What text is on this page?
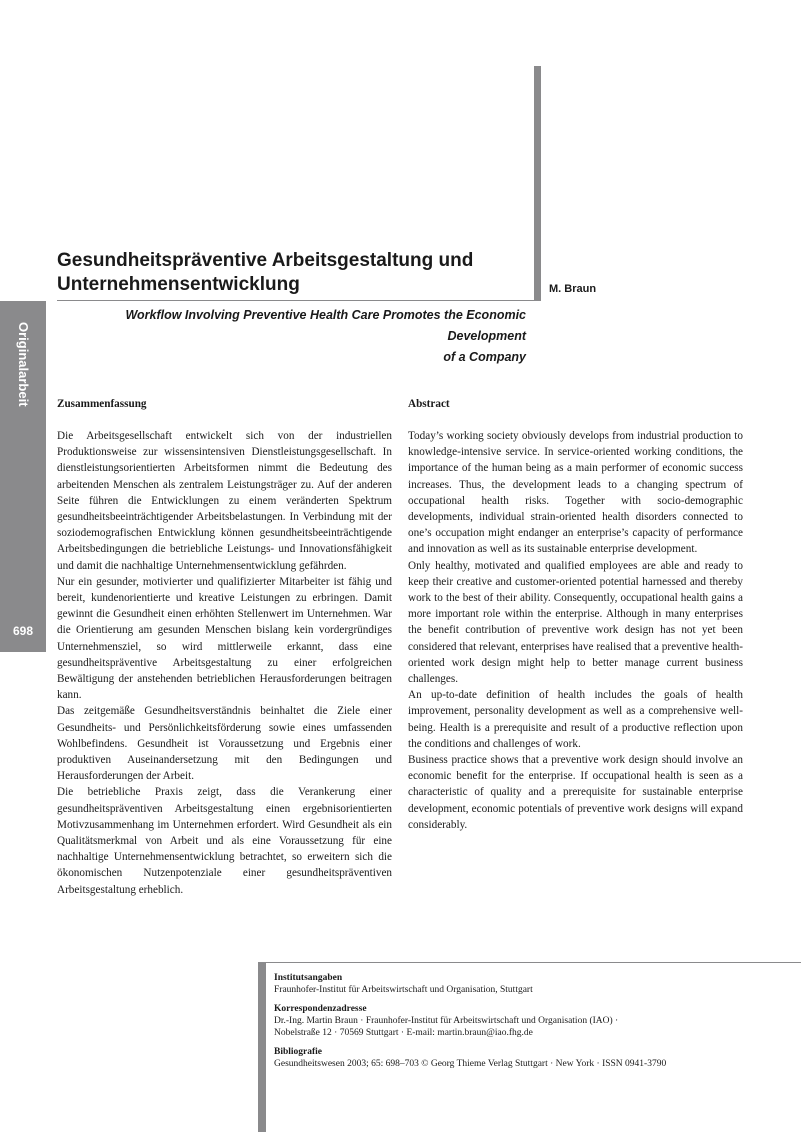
Gesundheitspräventive Arbeitsgestaltung und
Unternehmensentwicklung	M. Braun

Workflow Involving Preventive Health Care Promotes the Economic Development
of a Company

Originalarbeit
698
Zusammenfassung

Die Arbeitsgesellschaft entwickelt sich von der industriellen Produktionsweise zur wissensintensiven Dienstleistungsgesellschaft. In dienstleistungsorientierten Arbeitsformen nimmt die Bedeutung des arbeitenden Menschen als zentralem Leistungsträger zu. Auf der anderen Seite führen die Entwicklungen zu einem veränderten Spektrum gesundheitsbeeinträchtigender Arbeitsbelastungen. In Verbindung mit der soziodemografischen Entwicklung können gesundheitsbeeinträchtigende Arbeitsbedingungen die betriebliche Leistungs- und Innovationsfähigkeit und damit die nachhaltige Unternehmensentwicklung gefährden.

Nur ein gesunder, motivierter und qualifizierter Mitarbeiter ist fähig und bereit, kundenorientierte und kreative Leistungen zu erbringen. Damit gewinnt die Gesundheit einen erhöhten Stellenwert im Unternehmen. War die Orientierung am gesunden Menschen bislang kein vordergründiges Unternehmensziel, so wird mittlerweile erkannt, dass eine gesundheitspräventive Arbeitsgestaltung zu einer erfolgreichen Bewältigung der anstehenden betrieblichen Herausforderungen beitragen kann.

Das zeitgemäße Gesundheitsverständnis beinhaltet die Ziele einer Gesundheits- und Persönlichkeitsförderung sowie eines umfassenden Wohlbefindens. Gesundheit ist Voraussetzung und Ergebnis einer produktiven Auseinandersetzung mit den Bedingungen und Herausforderungen der Arbeit.

Die betriebliche Praxis zeigt, dass die Verankerung einer gesundheitspräventiven Arbeitsgestaltung einen ergebnisorientierten Motivzusammenhang im Unternehmen erfordert. Wird Gesundheit als ein Qualitätsmerkmal von Arbeit und als eine Voraussetzung für eine nachhaltige Unternehmensentwicklung betrachtet, so erweitern sich die ökonomischen Nutzenpotenziale einer gesundheitspräventiven Arbeitsgestaltung erheblich.

Abstract

Today’s working society obviously develops from industrial production to knowledge-intensive service. In service-oriented working conditions, the importance of the human being as a main performer of economic success increases. Thus, the development leads to a changing spectrum of occupational health risks. Together with socio-demographic developments, individual strain-oriented health disorders connected to one’s occupation might endanger an enterprise’s capacity of performance and innovation as well as its sustainable enterprise development.

Only healthy, motivated and qualified employees are able and ready to keep their creative and customer-oriented potential harnessed and thereby work to the best of their ability. Consequently, occupational health gains a more important role within the enterprise. Although in many enterprises the benefit contribution of preventive work design has not yet been considered that relevant, enterprises have realised that a preventive health-oriented work design might help to better manage current business challenges.

An up-to-date definition of health includes the goals of health improvement, personality development as well as a comprehensive well-being. Health is a prerequisite and result of a productive reflection upon the conditions and challenges of work.

Business practice shows that a preventive work design should involve an economic benefit for the enterprise. If occupational health is seen as a characteristic of quality and a prerequisite for sustainable enterprise development, economic potentials of preventive work designs will expand considerably.

Institutsangaben
Fraunhofer-Institut für Arbeitswirtschaft und Organisation, Stuttgart
Korrespondenzadresse
Dr.-Ing. Martin Braun · Fraunhofer-Institut für Arbeitswirtschaft und Organisation (IAO) ·
Nobelstraße 12 · 70569 Stuttgart · E-mail: martin.braun@iao.fhg.de
Bibliografie
Gesundheitswesen 2003; 65: 698–703 © Georg Thieme Verlag Stuttgart · New York · ISSN 0941-3790
